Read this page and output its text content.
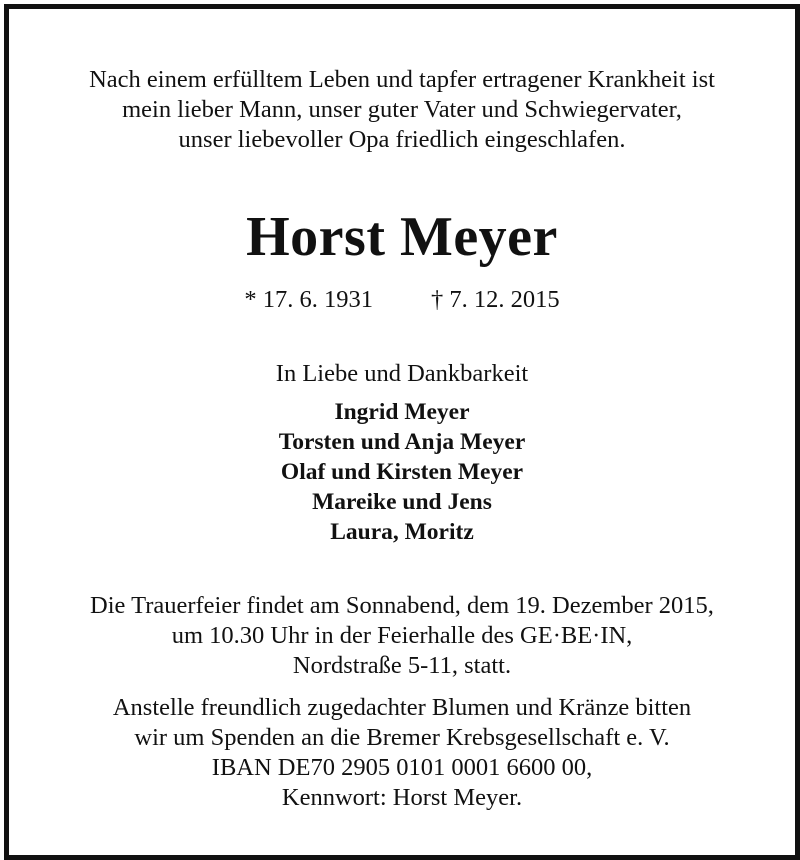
Nach einem erfülltem Leben und tapfer ertragener Krankheit ist
mein lieber Mann, unser guter Vater und Schwiegervater,
unser liebevoller Opa friedlich eingeschlafen.
Horst Meyer
* 17. 6. 1931 † 7. 12. 2015
In Liebe und Dankbarkeit
Ingrid Meyer
Torsten und Anja Meyer
Olaf und Kirsten Meyer
Mareike und Jens
Laura, Moritz
Die Trauerfeier findet am Sonnabend, dem 19. Dezember 2015,
um 10.30 Uhr in der Feierhalle des GE·BE·IN,
Nordstraße 5-11, statt.
Anstelle freundlich zugedachter Blumen und Kränze bitten
wir um Spenden an die Bremer Krebsgesellschaft e. V.
IBAN DE70 2905 0101 0001 6600 00,
Kennwort: Horst Meyer.
